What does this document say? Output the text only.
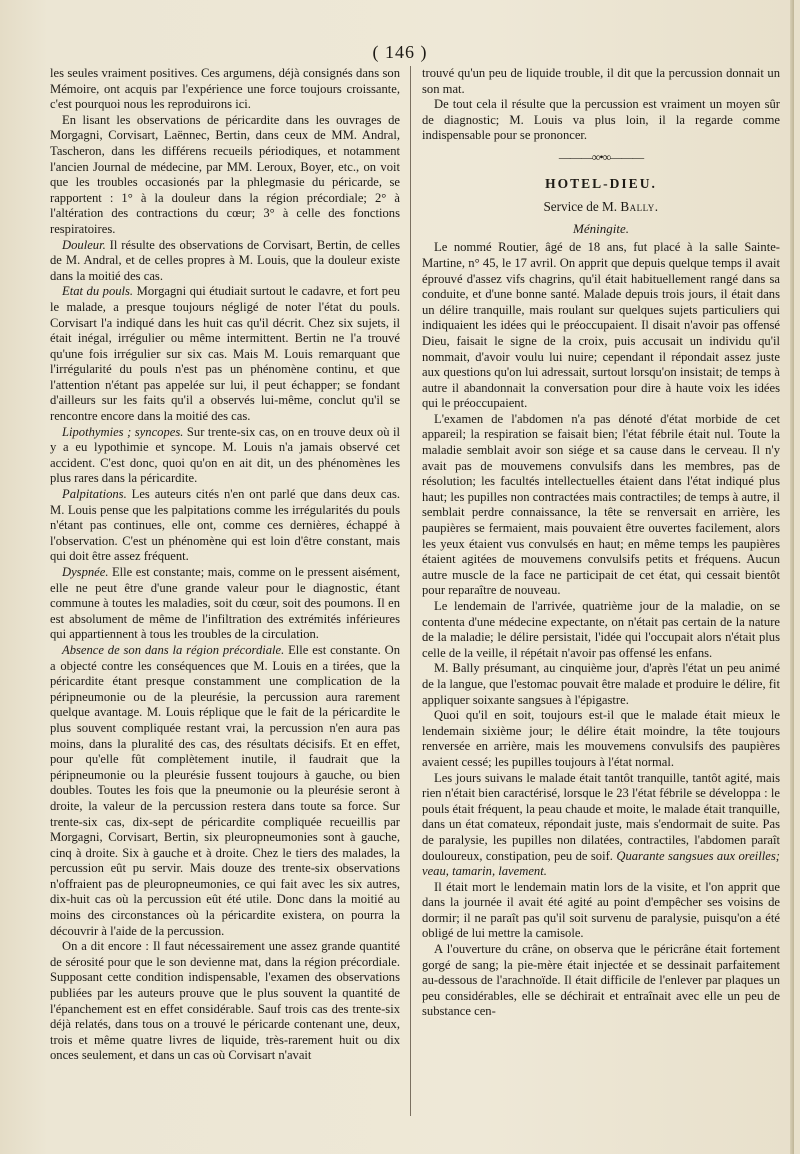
( 146 )

les seules vraiment positives. Ces argumens, déjà consignés dans son Mémoire, ont acquis par l'expérience une force toujours croissante, c'est pourquoi nous les reproduirons ici.

En lisant les observations de péricardite dans les ouvrages de Morgagni, Corvisart, Laënnec, Bertin, dans ceux de MM. Andral, Tascheron, dans les différens recueils périodiques, et notamment l'ancien Journal de médecine, par MM. Leroux, Boyer, etc., on voit que les troubles occasionés par la phlegmasie du péricarde, se rapportent : 1° à la douleur dans la région précordiale; 2° à l'altération des contractions du cœur; 3° à celle des fonctions respiratoires.

Douleur. Il résulte des observations de Corvisart, Bertin, de celles de M. Andral, et de celles propres à M. Louis, que la douleur existe dans la moitié des cas.

Etat du pouls. Morgagni qui étudiait surtout le cadavre, et fort peu le malade, a presque toujours négligé de noter l'état du pouls. Corvisart l'a indiqué dans les huit cas qu'il décrit. Chez six sujets, il était inégal, irrégulier ou même intermittent. Bertin ne l'a trouvé qu'une fois irrégulier sur six cas. Mais M. Louis remarquant que l'irrégularité du pouls n'est pas un phénomène continu, et que l'attention n'étant pas appelée sur lui, il peut échapper; se fondant d'ailleurs sur les faits qu'il a observés lui-même, conclut qu'il se rencontre encore dans la moitié des cas.

Lipothymies ; syncopes. Sur trente-six cas, on en trouve deux où il y a eu lypothimie et syncope. M. Louis n'a jamais observé cet accident. C'est donc, quoi qu'on en ait dit, un des phénomènes les plus rares dans la péricardite.

Palpitations. Les auteurs cités n'en ont parlé que dans deux cas. M. Louis pense que les palpitations comme les irrégularités du pouls n'étant pas continues, elle ont, comme ces dernières, échappé à l'observation. C'est un phénomène qui est loin d'être constant, mais qui doit être assez fréquent.

Dyspnée. Elle est constante; mais, comme on le pressent aisément, elle ne peut être d'une grande valeur pour le diagnostic, étant commune à toutes les maladies, soit du cœur, soit des poumons. Il en est absolument de même de l'infiltration des extrémités inférieures qui appartiennent à tous les troubles de la circulation.

Absence de son dans la région précordiale. Elle est constante. On a objecté contre les conséquences que M. Louis en a tirées, que la péricardite étant presque constamment une complication de la péripneumonie ou de la pleurésie, la percussion aura rarement quelque avantage. M. Louis réplique que le fait de la péricardite le plus souvent compliquée restant vrai, la percussion n'en aura pas moins, dans la pluralité des cas, des résultats décisifs. Et en effet, pour qu'elle fût complètement inutile, il faudrait que la péripneumonie ou la pleurésie fussent toujours à gauche, ou bien doubles. Toutes les fois que la pneumonie ou la pleurésie seront à droite, la valeur de la percussion restera dans toute sa force. Sur trente-six cas, dix-sept de péricardite compliquée recueillis par Morgagni, Corvisart, Bertin, six pleuropneumonies sont à gauche, cinq à droite. Six à gauche et à droite. Chez le tiers des malades, la percussion eût pu servir. Mais douze des trente-six observations n'offraient pas de pleuropneumonies, ce qui fait avec les six autres, dix-huit cas où la percussion eût été utile. Donc dans la moitié au moins des circonstances où la péricardite existera, on pourra la découvrir à l'aide de la percussion.

On a dit encore : Il faut nécessairement une assez grande quantité de sérosité pour que le son devienne mat, dans la région précordiale. Supposant cette condition indispensable, l'examen des observations publiées par les auteurs prouve que le plus souvent la quantité de l'épanchement est en effet considérable. Sauf trois cas des trente-six déjà relatés, dans tous on a trouvé le péricarde contenant une, deux, trois et même quatre livres de liquide, très-rarement huit ou dix onces seulement, et dans un cas où Corvisart n'avait

trouvé qu'un peu de liquide trouble, il dit que la percussion donnait un son mat.

De tout cela il résulte que la percussion est vraiment un moyen sûr de diagnostic; M. Louis va plus loin, il la regarde comme indispensable pour se prononcer.

———∞•∞———
HOTEL-DIEU.
Service de M. Bally.
Méningite.

Le nommé Routier, âgé de 18 ans, fut placé à la salle Sainte-Martine, n° 45, le 17 avril. On apprit que depuis quelque temps il avait éprouvé d'assez vifs chagrins, qu'il était habituellement rangé dans sa conduite, et d'une bonne santé. Malade depuis trois jours, il était dans un délire tranquille, mais roulant sur quelques sujets particuliers qui indiquaient les idées qui le préoccupaient. Il disait n'avoir pas offensé Dieu, faisait le signe de la croix, puis accusait un individu qu'il nommait, d'avoir voulu lui nuire; cependant il répondait assez juste aux questions qu'on lui adressait, surtout lorsqu'on insistait; de temps à autre il abandonnait la conversation pour dire à haute voix les idées qui le préoccupaient.

L'examen de l'abdomen n'a pas dénoté d'état morbide de cet appareil; la respiration se faisait bien; l'état fébrile était nul. Toute la maladie semblait avoir son siége et sa cause dans le cerveau. Il n'y avait pas de mouvemens convulsifs dans les membres, pas de résolution; les facultés intellectuelles étaient dans l'état indiqué plus haut; les pupilles non contractées mais contractiles; de temps à autre, il semblait perdre connaissance, la tête se renversait en arrière, les paupières se fermaient, mais pouvaient être ouvertes facilement, alors les yeux étaient vus convulsés en haut; en même temps les paupières étaient agitées de mouvemens convulsifs petits et fréquens. Aucun autre muscle de la face ne participait de cet état, qui cessait bientôt pour reparaître de nouveau.

Le lendemain de l'arrivée, quatrième jour de la maladie, on se contenta d'une médecine expectante, on n'était pas certain de la nature de la maladie; le délire persistait, l'idée qui l'occupait alors n'était plus celle de la veille, il répétait n'avoir pas offensé les enfans.

M. Bally présumant, au cinquième jour, d'après l'état un peu animé de la langue, que l'estomac pouvait être malade et produire le délire, fit appliquer soixante sangsues à l'épigastre.

Quoi qu'il en soit, toujours est-il que le malade était mieux le lendemain sixième jour; le délire était moindre, la tête toujours renversée en arrière, mais les mouvemens convulsifs des paupières avaient cessé; les pupilles toujours à l'état normal.

Les jours suivans le malade était tantôt tranquille, tantôt agité, mais rien n'était bien caractérisé, lorsque le 23 l'état fébrile se développa : le pouls était fréquent, la peau chaude et moite, le malade était tranquille, dans un état comateux, répondait juste, mais s'endormait de suite. Pas de paralysie, les pupilles non dilatées, contractiles, l'abdomen paraît douloureux, constipation, peu de soif. Quarante sangsues aux oreilles; veau, tamarin, lavement.

Il était mort le lendemain matin lors de la visite, et l'on apprit que dans la journée il avait été agité au point d'empêcher ses voisins de dormir; il ne paraît pas qu'il soit survenu de paralysie, puisqu'on a été obligé de lui mettre la camisole.

A l'ouverture du crâne, on observa que le péricrâne était fortement gorgé de sang; la pie-mère était injectée et se dessinait parfaitement au-dessous de l'arachnoïde. Il était difficile de l'enlever par plaques un peu considérables, elle se déchirait et entraînait avec elle un peu de substance cen-
